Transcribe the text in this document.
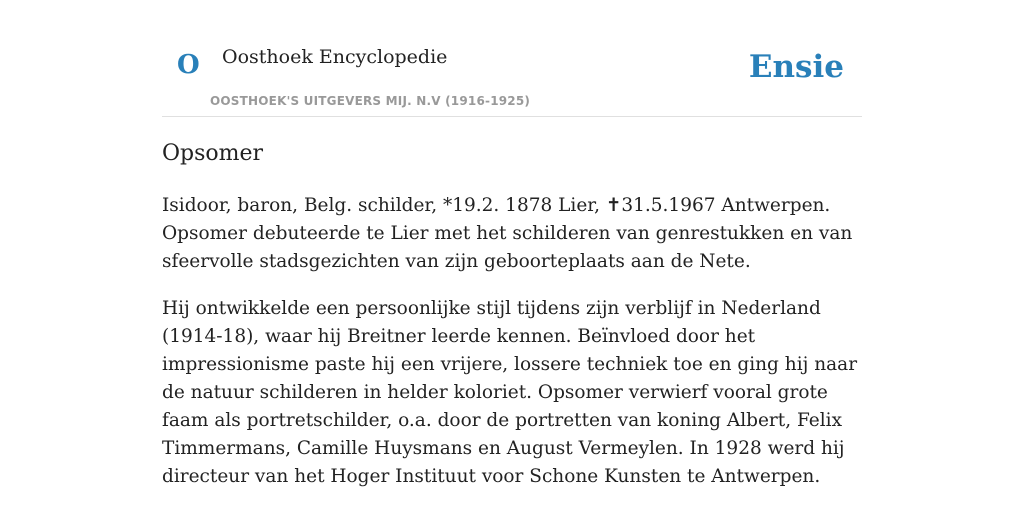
O Oosthoek Encyclopedie
OOSTHOEK'S UITGEVERS MIJ. N.V (1916-1925)
Ensie
Opsomer

Isidoor, baron, Belg. schilder, *19.2. 1878 Lier, ✝31.5.1967 Antwerpen. Opsomer debuteerde te Lier met het schilderen van genrestukken en van sfeervolle stadsgezichten van zijn geboorteplaats aan de Nete.

Hij ontwikkelde een persoonlijke stijl tijdens zijn verblijf in Nederland (1914-18), waar hij Breitner leerde kennen. Beïnvloed door het impressionisme paste hij een vrijere, lossere techniek toe en ging hij naar de natuur schilderen in helder koloriet. Opsomer verwierf vooral grote faam als portretschilder, o.a. door de portretten van koning Albert, Felix Timmermans, Camille Huysmans en August Vermeylen. In 1928 werd hij directeur van het Hoger Instituut voor Schone Kunsten te Antwerpen.
